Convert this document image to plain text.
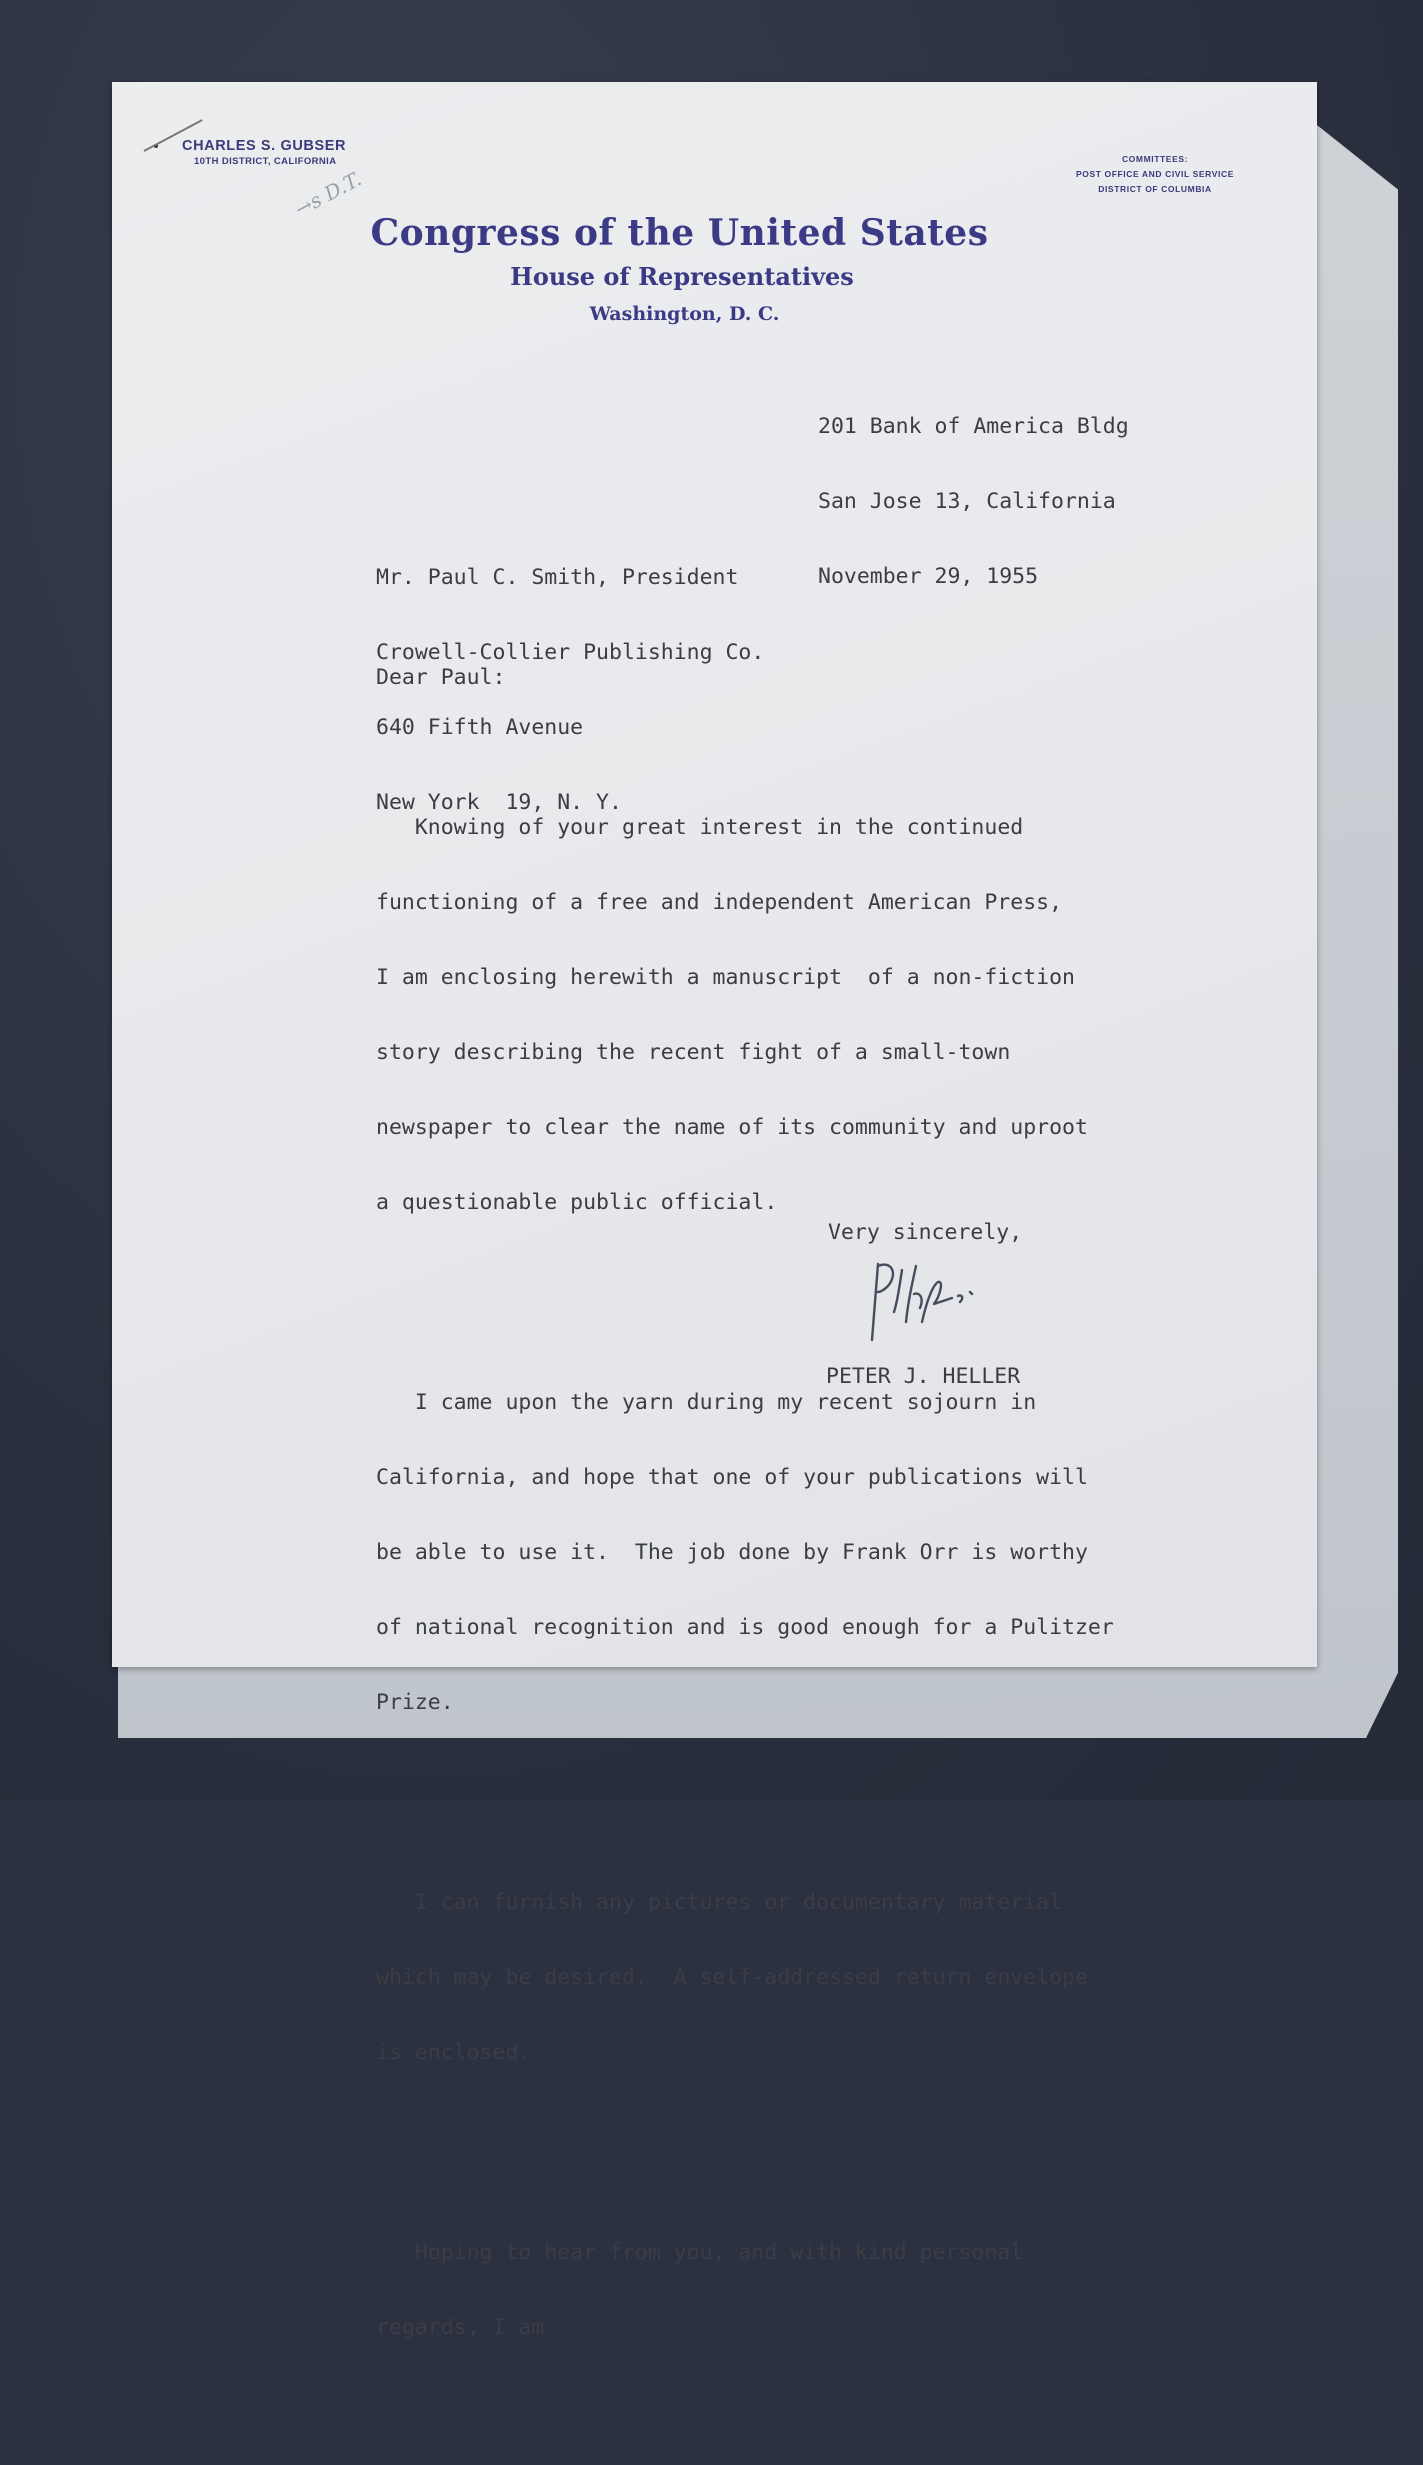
CHARLES S. GUBSER
10TH DISTRICT, CALIFORNIA	COMMITTEES:
POST OFFICE AND CIVIL SERVICE
DISTRICT OF COLUMBIA
→s D.T.
Congress of the United States
House of Representatives
Washington, D. C.

201 Bank of America Bldg

San Jose 13, California

November 29, 1955

Mr. Paul C. Smith, President

Crowell-Collier Publishing Co.

640 Fifth Avenue

New York  19, N. Y.

Dear Paul:

Knowing of your great interest in the continued

functioning of a free and independent American Press,

I am enclosing herewith a manuscript  of a non-fiction

story describing the recent fight of a small-town

newspaper to clear the name of its community and uproot

a questionable public official.

I came upon the yarn during my recent sojourn in

California, and hope that one of your publications will

be able to use it.  The job done by Frank Orr is worthy

of national recognition and is good enough for a Pulitzer

Prize.

I can furnish any pictures or documentary material

which may be desired.  A self-addressed return envelope

is enclosed.

Hoping to hear from you, and with kind personal

regards, I am

Very sincerely,
PETER J. HELLER
